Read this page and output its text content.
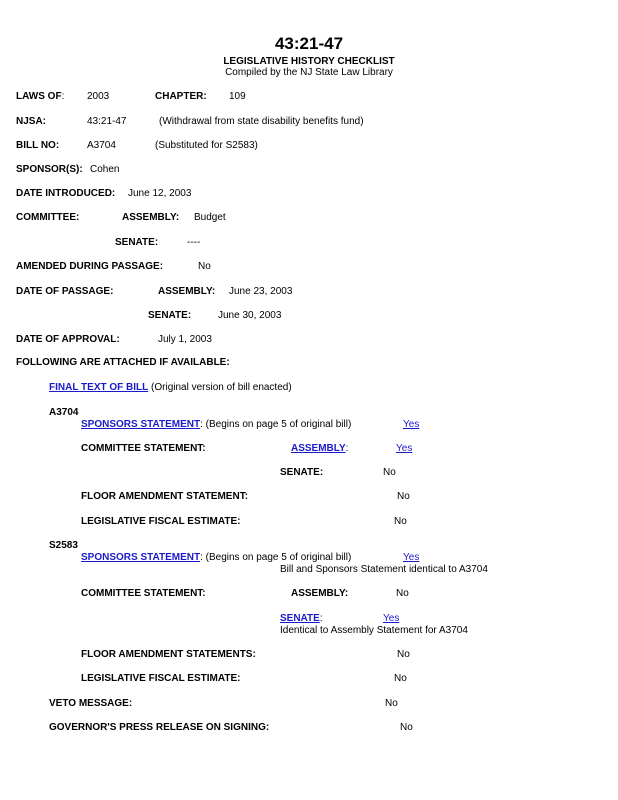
43:21-47
LEGISLATIVE HISTORY CHECKLIST
Compiled by the NJ State Law Library
LAWS OF: 2003	CHAPTER: 109
NJSA:	43:21-47	(Withdrawal from state disability benefits fund)
BILL NO:	A3704	(Substituted for S2583)
SPONSOR(S): Cohen
DATE INTRODUCED: June 12, 2003
COMMITTEE:	ASSEMBLY: Budget
SENATE:	----
AMENDED DURING PASSAGE:	No
DATE OF PASSAGE:	ASSEMBLY: June 23, 2003
SENATE:	June 30, 2003
DATE OF APPROVAL:	July 1, 2003
FOLLOWING ARE ATTACHED IF AVAILABLE:
FINAL TEXT OF BILL (Original version of bill enacted)
A3704
SPONSORS STATEMENT: (Begins on page 5 of original bill)	Yes
COMMITTEE STATEMENT:	ASSEMBLY:	Yes
SENATE:	No
FLOOR AMENDMENT STATEMENT:	No
LEGISLATIVE FISCAL ESTIMATE:	No
S2583
SPONSORS STATEMENT: (Begins on page 5 of original bill)	Yes
Bill and Sponsors Statement identical to A3704
COMMITTEE STATEMENT:	ASSEMBLY:	No
SENATE:	Yes
Identical to Assembly Statement for A3704
FLOOR AMENDMENT STATEMENTS:	No
LEGISLATIVE FISCAL ESTIMATE:	No
VETO MESSAGE:	No
GOVERNOR'S PRESS RELEASE ON SIGNING:	No
